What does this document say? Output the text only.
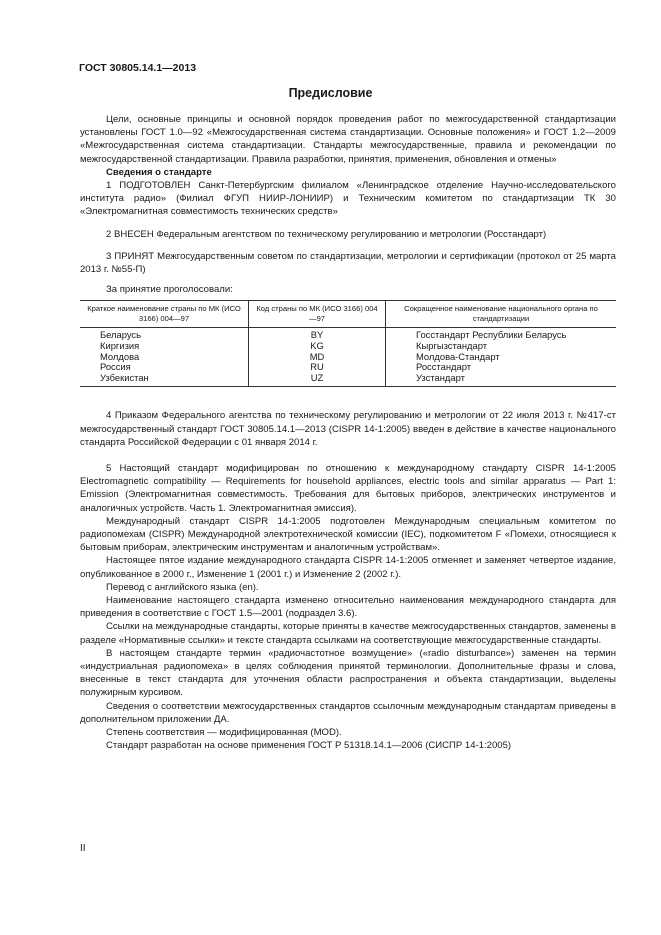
ГОСТ 30805.14.1—2013
Предисловие

Цели, основные принципы и основной порядок проведения работ по межгосударственной стандартизации установлены ГОСТ 1.0—92 «Межгосударственная система стандартизации. Основные положения» и ГОСТ 1.2—2009 «Межгосударственная система стандартизации. Стандарты межгосударственные, правила и рекомендации по межгосударственной стандартизации. Правила разработки, принятия, применения, обновления и отмены»

Сведения о стандарте

1 ПОДГОТОВЛЕН Санкт-Петербургским филиалом «Ленинградское отделение Научно-исследовательского института радио» (Филиал ФГУП НИИР-ЛОНИИР) и Техническим комитетом по стандартизации ТК 30 «Электромагнитная совместимость технических средств»

2 ВНЕСЕН Федеральным агентством по техническому регулированию и метрологии (Росстандарт)

3 ПРИНЯТ Межгосударственным советом по стандартизации, метрологии и сертификации (протокол от 25 марта 2013 г. №55-П)

За принятие проголосовали:

Краткое наименование страны по МК (ИСО 3166) 004—97	Код страны по МК (ИСО 3166) 004—97	Сокращенное наименование национального органа по стандартизации
Беларусь	BY	Госстандарт Республики Беларусь
Киргизия	KG	Кыргызстандарт
Молдова	MD	Молдова-Стандарт
Россия	RU	Росстандарт
Узбекистан	UZ	Узстандарт

4 Приказом Федерального агентства по техническому регулированию и метрологии от 22 июля 2013 г. №417-ст межгосударственный стандарт ГОСТ 30805.14.1—2013 (CISPR 14-1:2005) введен в действие в качестве национального стандарта Российской Федерации с 01 января 2014 г.

5 Настоящий стандарт модифицирован по отношению к международному стандарту CISPR 14-1:2005 Electromagnetic compatibility — Requirements for household appliances, electric tools and similar apparatus — Part 1: Emission (Электромагнитная совместимость. Требования для бытовых приборов, электрических инструментов и аналогичных устройств. Часть 1. Электромагнитная эмиссия).

Международный стандарт CISPR 14-1:2005 подготовлен Международным специальным комитетом по радиопомехам (CISPR) Международной электротехнической комиссии (IEC), подкомитетом F «Помехи, относящиеся к бытовым приборам, электрическим инструментам и аналогичным устройствам».

Настоящее пятое издание международного стандарта CISPR 14-1:2005 отменяет и заменяет четвертое издание, опубликованное в 2000 г., Изменение 1 (2001 г.) и Изменение 2 (2002 г.).

Перевод с английского языка (en).

Наименование настоящего стандарта изменено относительно наименования международного стандарта для приведения в соответствие с ГОСТ 1.5—2001 (подраздел 3.6).

Ссылки на международные стандарты, которые приняты в качестве межгосударственных стандартов, заменены в разделе «Нормативные ссылки» и тексте стандарта ссылками на соответствующие межгосударственные стандарты.

В настоящем стандарте термин «радиочастотное возмущение» («radio disturbance») заменен на термин «индустриальная радиопомеха» в целях соблюдения принятой терминологии. Дополнительные фразы и слова, внесенные в текст стандарта для уточнения области распространения и объекта стандартизации, выделены полужирным курсивом.

Сведения о соответствии межгосударственных стандартов ссылочным международным стандартам приведены в дополнительном приложении ДА.

Степень соответствия — модифицированная (MOD).

Стандарт разработан на основе применения ГОСТ Р 51318.14.1—2006 (СИСПР 14-1:2005)

II
